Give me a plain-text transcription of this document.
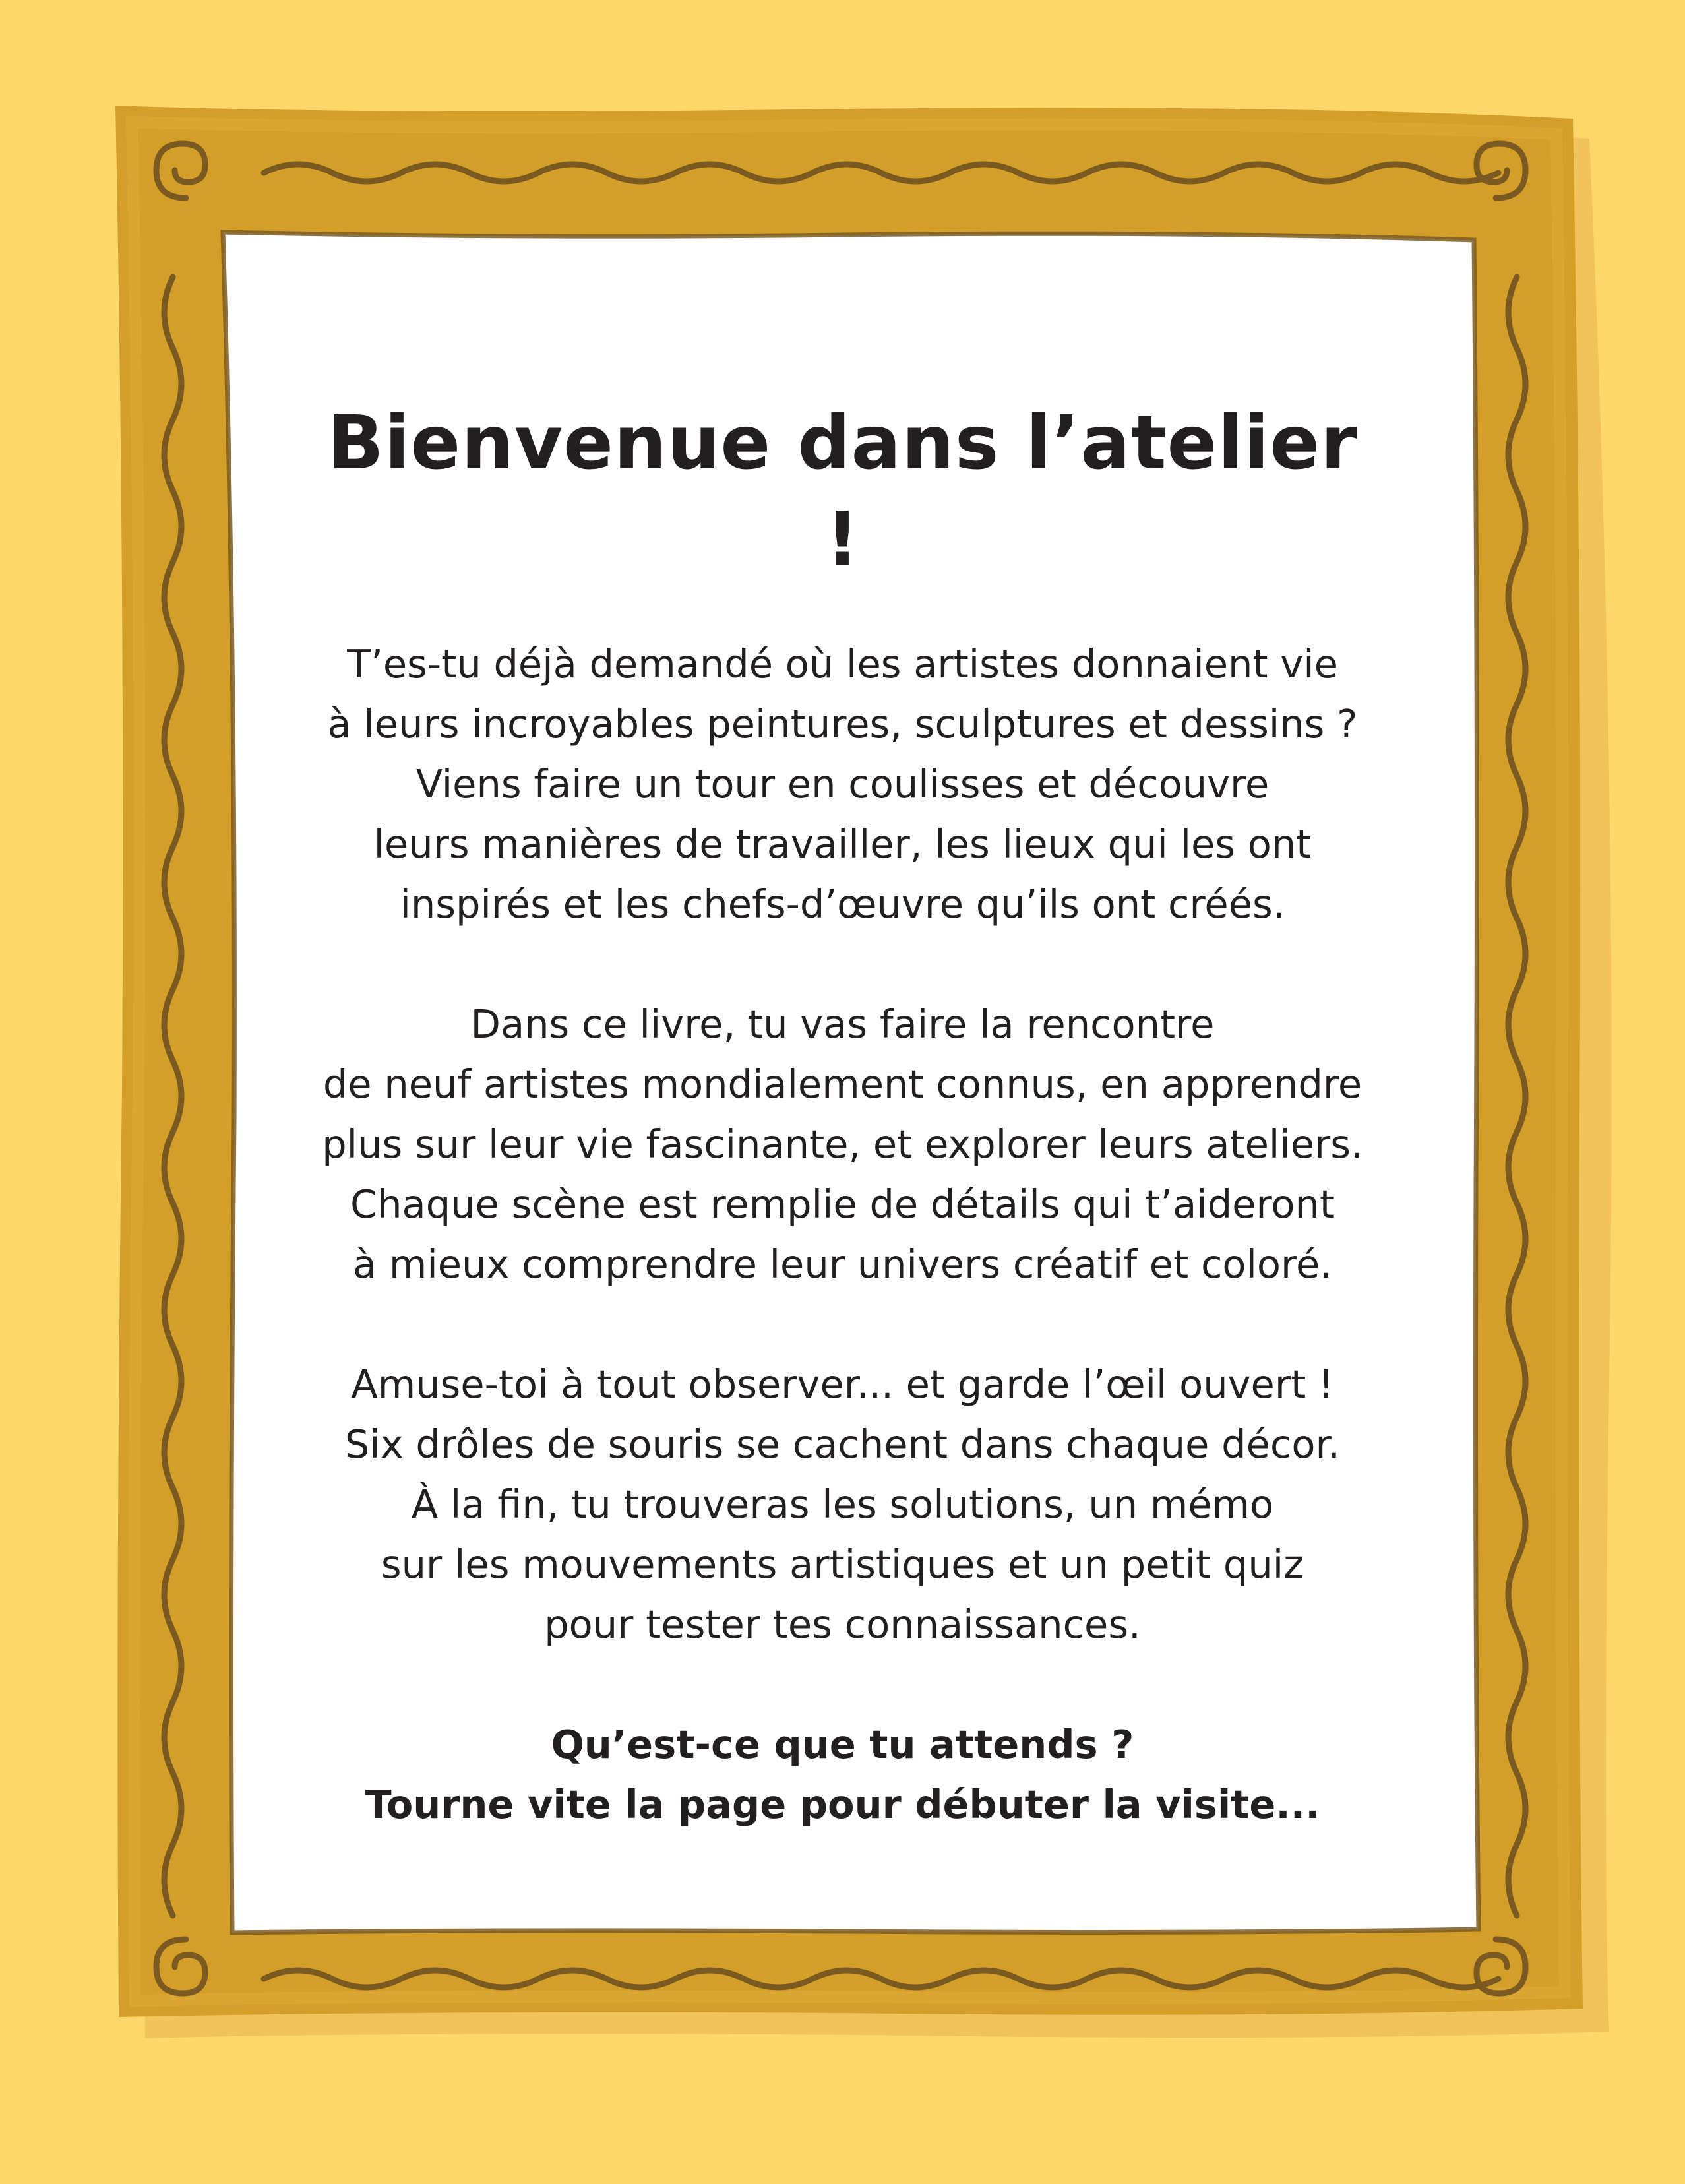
Bienvenue dans l’atelier !

T’es-tu déjà demandé où les artistes donnaient vie
à leurs incroyables peintures, sculptures et dessins ?
Viens faire un tour en coulisses et découvre
leurs manières de travailler, les lieux qui les ont
inspirés et les chefs-d’œuvre qu’ils ont créés.

Dans ce livre, tu vas faire la rencontre
de neuf artistes mondialement connus, en apprendre
plus sur leur vie fascinante, et explorer leurs ateliers.
Chaque scène est remplie de détails qui t’aideront
à mieux comprendre leur univers créatif et coloré.

Amuse-toi à tout observer... et garde l’œil ouvert !
Six drôles de souris se cachent dans chaque décor.
À la fin, tu trouveras les solutions, un mémo
sur les mouvements artistiques et un petit quiz
pour tester tes connaissances.

Qu’est-ce que tu attends ?
Tourne vite la page pour débuter la visite...
